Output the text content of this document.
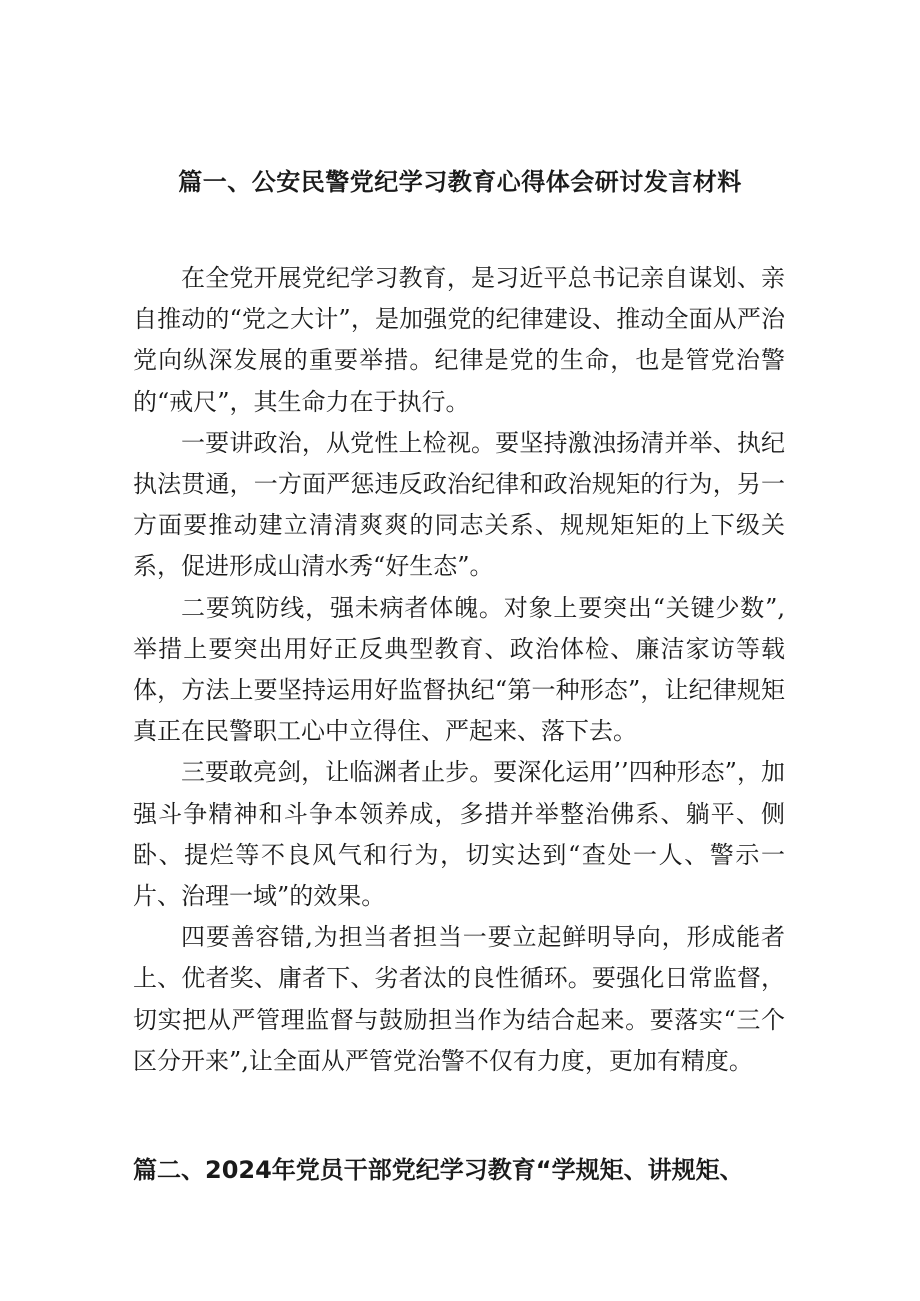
篇一、公安民警党纪学习教育心得体会研讨发言材料

在全党开展党纪学习教育，是习近平总书记亲自谋划、亲自推动的“党之大计”，是加强党的纪律建设、推动全面从严治党向纵深发展的重要举措。纪律是党的生命，也是管党治警的“戒尺”，其生命力在于执行。

一要讲政治，从党性上检视。要坚持激浊扬清并举、执纪执法贯通，一方面严惩违反政治纪律和政治规矩的行为，另一方面要推动建立清清爽爽的同志关系、规规矩矩的上下级关系，促进形成山清水秀“好生态”。

二要筑防线，强未病者体魄。对象上要突出“关键少数”,举措上要突出用好正反典型教育、政治体检、廉洁家访等载体，方法上要坚持运用好监督执纪“第一种形态”，让纪律规矩真正在民警职工心中立得住、严起来、落下去。

三要敢亮剑，让临渊者止步。要深化运用’’四种形态”，加强斗争精神和斗争本领养成，多措并举整治佛系、躺平、侧卧、提烂等不良风气和行为，切实达到“查处一人、警示一片、治理一域”的效果。

四要善容错,为担当者担当一要立起鲜明导向，形成能者上、优者奖、庸者下、劣者汰的良性循环。要强化日常监督，切实把从严管理监督与鼓励担当作为结合起来。要落实“三个区分开来”,让全面从严管党治警不仅有力度，更加有精度。

篇二、2024年党员干部党纪学习教育“学规矩、讲规矩、
